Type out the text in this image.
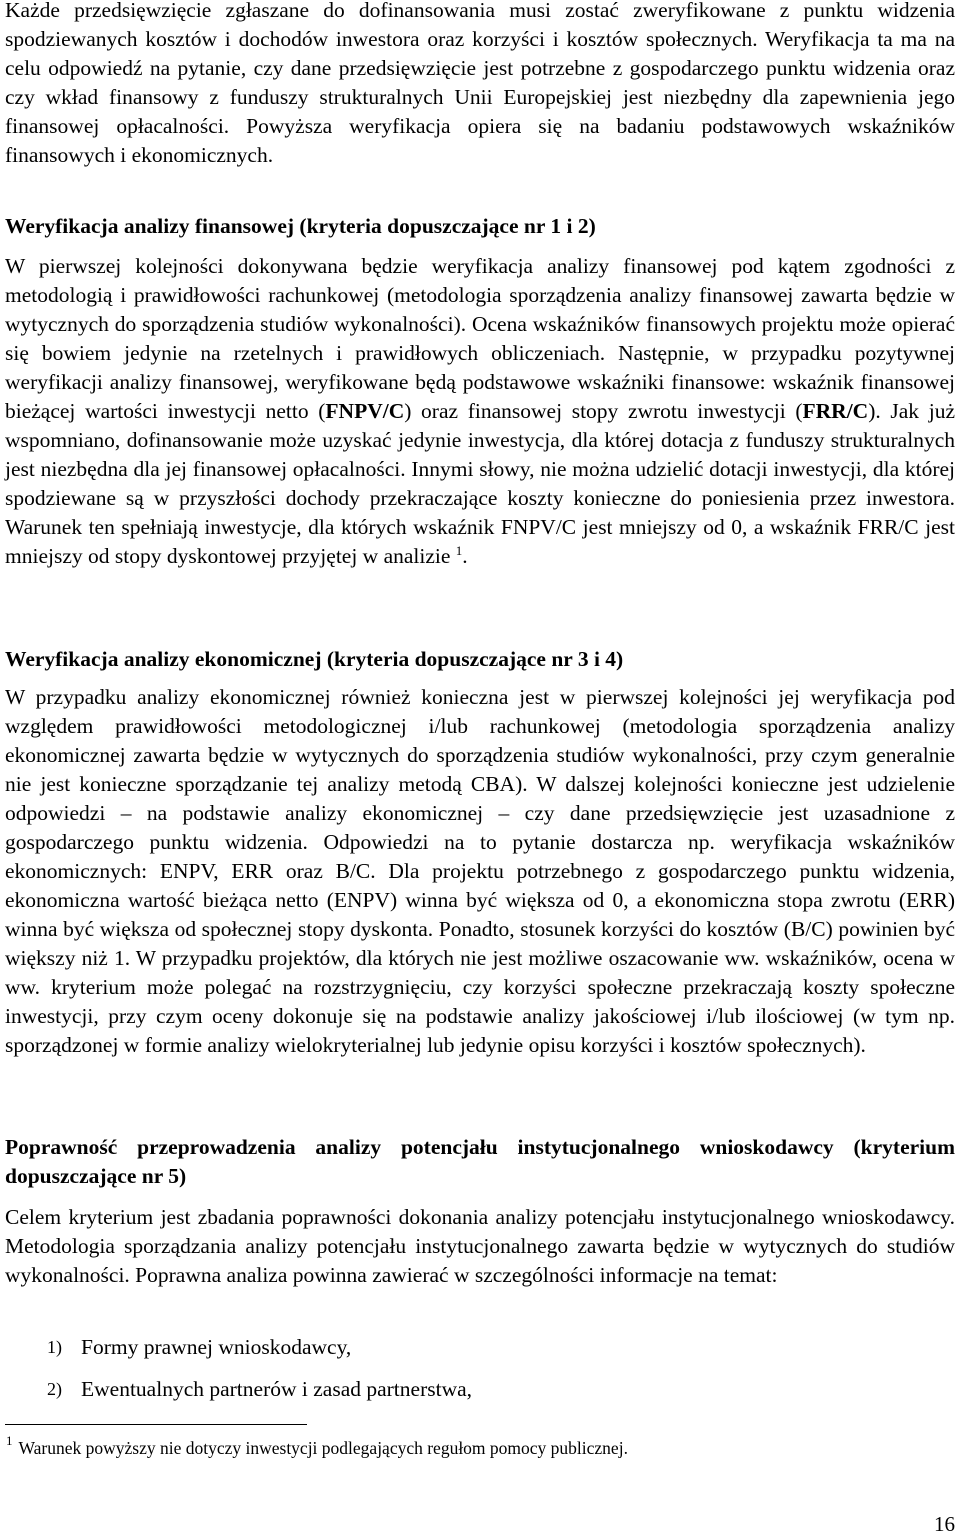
Każde przedsięwzięcie zgłaszane do dofinansowania musi zostać zweryfikowane z punktu widzenia spodziewanych kosztów i dochodów inwestora oraz korzyści i kosztów społecznych. Weryfikacja ta ma na celu odpowiedź na pytanie, czy dane przedsięwzięcie jest potrzebne z gospodarczego punktu widzenia oraz czy wkład finansowy z funduszy strukturalnych Unii Europejskiej jest niezbędny dla zapewnienia jego finansowej opłacalności. Powyższa weryfikacja opiera się na badaniu podstawowych wskaźników finansowych i ekonomicznych.

Weryfikacja analizy finansowej (kryteria dopuszczające nr 1 i 2)

W pierwszej kolejności dokonywana będzie weryfikacja analizy finansowej pod kątem zgodności z metodologią i prawidłowości rachunkowej (metodologia sporządzenia analizy finansowej zawarta będzie w wytycznych do sporządzenia studiów wykonalności). Ocena wskaźników finansowych projektu może opierać się bowiem jedynie na rzetelnych i prawidłowych obliczeniach. Następnie, w przypadku pozytywnej weryfikacji analizy finansowej, weryfikowane będą podstawowe wskaźniki finansowe: wskaźnik finansowej bieżącej wartości inwestycji netto (FNPV/C) oraz finansowej stopy zwrotu inwestycji (FRR/C). Jak już wspomniano, dofinansowanie może uzyskać jedynie inwestycja, dla której dotacja z funduszy strukturalnych jest niezbędna dla jej finansowej opłacalności. Innymi słowy, nie można udzielić dotacji inwestycji, dla której spodziewane są w przyszłości dochody przekraczające koszty konieczne do poniesienia przez inwestora. Warunek ten spełniają inwestycje, dla których wskaźnik FNPV/C jest mniejszy od 0, a wskaźnik FRR/C jest mniejszy od stopy dyskontowej przyjętej w analizie $^1$.

Weryfikacja analizy ekonomicznej (kryteria dopuszczające nr 3 i 4)

W przypadku analizy ekonomicznej również konieczna jest w pierwszej kolejności jej weryfikacja pod względem prawidłowości metodologicznej i/lub rachunkowej (metodologia sporządzenia analizy ekonomicznej zawarta będzie w wytycznych do sporządzenia studiów wykonalności, przy czym generalnie nie jest konieczne sporządzanie tej analizy metodą CBA). W dalszej kolejności konieczne jest udzielenie odpowiedzi – na podstawie analizy ekonomicznej – czy dane przedsięwzięcie jest uzasadnione z gospodarczego punktu widzenia. Odpowiedzi na to pytanie dostarcza np. weryfikacja wskaźników ekonomicznych: ENPV, ERR oraz B/C. Dla projektu potrzebnego z gospodarczego punktu widzenia, ekonomiczna wartość bieżąca netto (ENPV) winna być większa od 0, a ekonomiczna stopa zwrotu (ERR) winna być większa od społecznej stopy dyskonta. Ponadto, stosunek korzyści do kosztów (B/C) powinien być większy niż 1. W przypadku projektów, dla których nie jest możliwe oszacowanie ww. wskaźników, ocena w ww. kryterium może polegać na rozstrzygnięciu, czy korzyści społeczne przekraczają koszty społeczne inwestycji, przy czym oceny dokonuje się na podstawie analizy jakościowej i/lub ilościowej (w tym np. sporządzonej w formie analizy wielokryterialnej lub jedynie opisu korzyści i kosztów społecznych).

Poprawność przeprowadzenia analizy potencjału instytucjonalnego wnioskodawcy (kryterium dopuszczające nr 5)

Celem kryterium jest zbadania poprawności dokonania analizy potencjału instytucjonalnego wnioskodawcy. Metodologia sporządzania analizy potencjału instytucjonalnego zawarta będzie w wytycznych do studiów wykonalności. Poprawna analiza powinna zawierać w szczególności informacje na temat:

1) Formy prawnej wnioskodawcy,
2) Ewentualnych partnerów i zasad partnerstwa,
$^1$ Warunek powyższy nie dotyczy inwestycji podlegających regułom pomocy publicznej.
16
